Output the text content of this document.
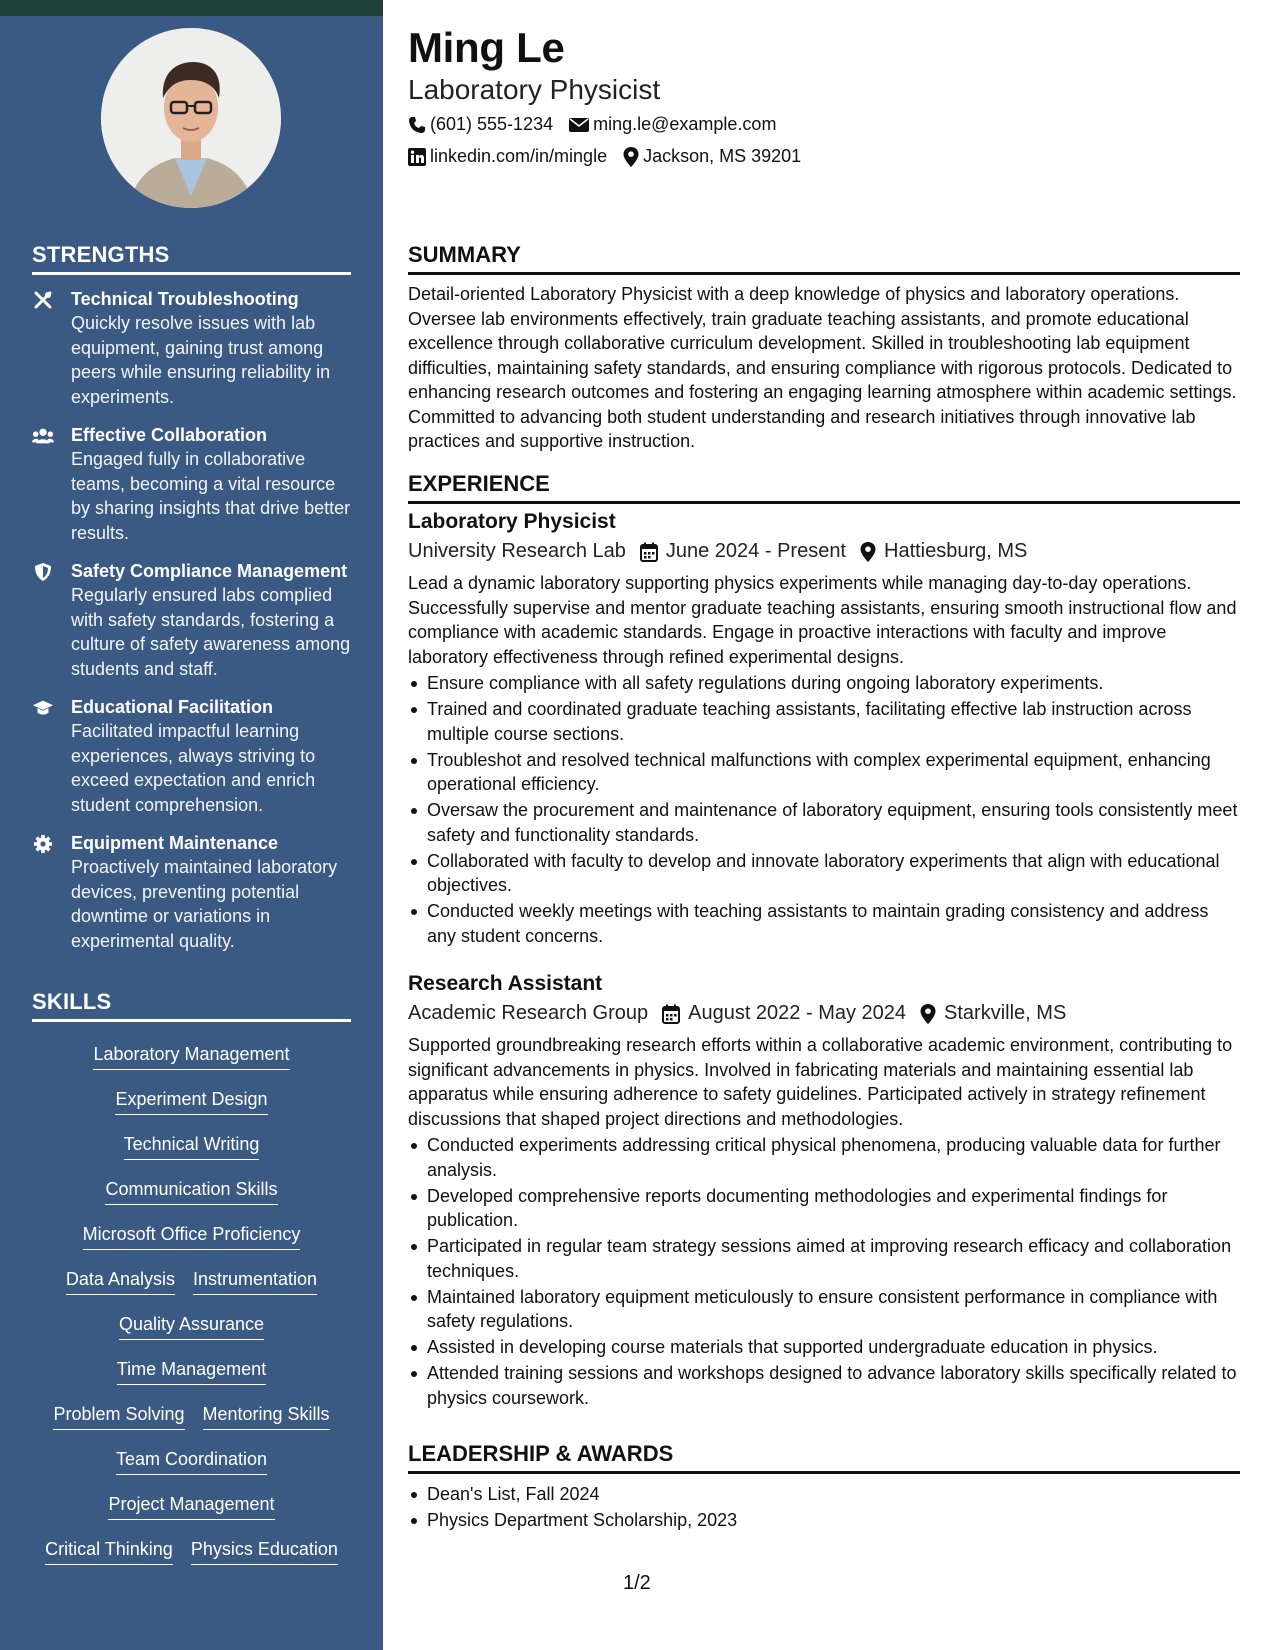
STRENGTHS
Technical Troubleshooting
Quickly resolve issues with lab equipment, gaining trust among peers while ensuring reliability in experiments.
Effective Collaboration
Engaged fully in collaborative teams, becoming a vital resource by sharing insights that drive better results.
Safety Compliance Management
Regularly ensured labs complied with safety standards, fostering a culture of safety awareness among students and staff.
Educational Facilitation
Facilitated impactful learning experiences, always striving to exceed expectation and enrich student comprehension.
Equipment Maintenance
Proactively maintained laboratory devices, preventing potential downtime or variations in experimental quality.
SKILLS
Laboratory Management
Experiment Design
Technical Writing
Communication Skills
Microsoft Office Proficiency
Data Analysis Instrumentation
Quality Assurance
Time Management
Problem Solving Mentoring Skills
Team Coordination
Project Management
Critical Thinking Physics Education
Ming Le
Laboratory Physicist
(601) 555-1234 ming.le@example.com
linkedin.com/in/mingle Jackson, MS 39201
SUMMARY
Detail-oriented Laboratory Physicist with a deep knowledge of physics and laboratory operations. Oversee lab environments effectively, train graduate teaching assistants, and promote educational excellence through collaborative curriculum development. Skilled in troubleshooting lab equipment difficulties, maintaining safety standards, and ensuring compliance with rigorous protocols. Dedicated to enhancing research outcomes and fostering an engaging learning atmosphere within academic settings. Committed to advancing both student understanding and research initiatives through innovative lab practices and supportive instruction.
EXPERIENCE
Laboratory Physicist
University Research Lab June 2024 - Present Hattiesburg, MS
Lead a dynamic laboratory supporting physics experiments while managing day-to-day operations. Successfully supervise and mentor graduate teaching assistants, ensuring smooth instructional flow and compliance with academic standards. Engage in proactive interactions with faculty and improve laboratory effectiveness through refined experimental designs.
Ensure compliance with all safety regulations during ongoing laboratory experiments.
Trained and coordinated graduate teaching assistants, facilitating effective lab instruction across multiple course sections.
Troubleshot and resolved technical malfunctions with complex experimental equipment, enhancing operational efficiency.
Oversaw the procurement and maintenance of laboratory equipment, ensuring tools consistently meet safety and functionality standards.
Collaborated with faculty to develop and innovate laboratory experiments that align with educational objectives.
Conducted weekly meetings with teaching assistants to maintain grading consistency and address any student concerns.
Research Assistant
Academic Research Group August 2022 - May 2024 Starkville, MS
Supported groundbreaking research efforts within a collaborative academic environment, contributing to significant advancements in physics. Involved in fabricating materials and maintaining essential lab apparatus while ensuring adherence to safety guidelines. Participated actively in strategy refinement discussions that shaped project directions and methodologies.
Conducted experiments addressing critical physical phenomena, producing valuable data for further analysis.
Developed comprehensive reports documenting methodologies and experimental findings for publication.
Participated in regular team strategy sessions aimed at improving research efficacy and collaboration techniques.
Maintained laboratory equipment meticulously to ensure consistent performance in compliance with safety regulations.
Assisted in developing course materials that supported undergraduate education in physics.
Attended training sessions and workshops designed to advance laboratory skills specifically related to physics coursework.
LEADERSHIP & AWARDS
Dean's List, Fall 2024
Physics Department Scholarship, 2023
1/2
